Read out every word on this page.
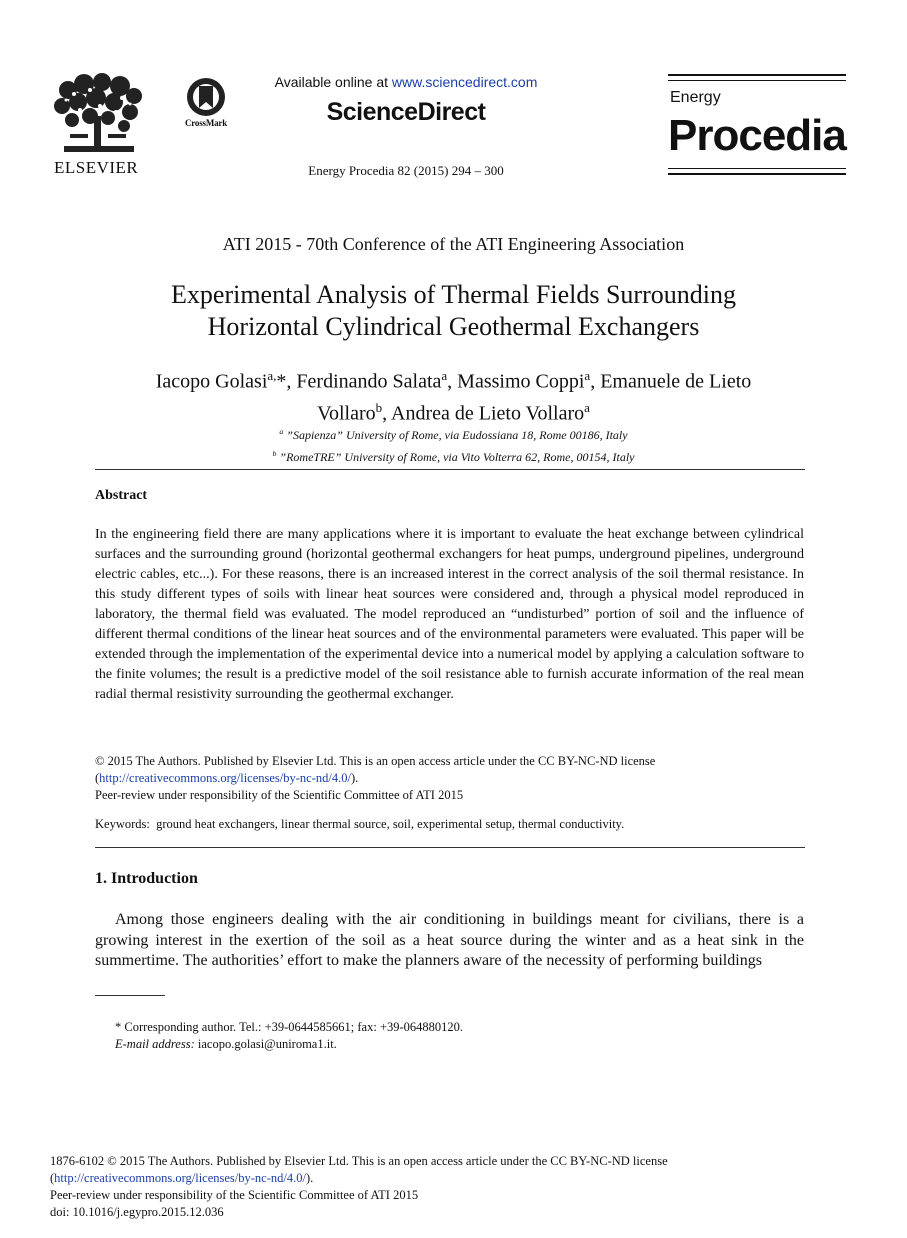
ELSEVIER
CrossMark
Available online at www.sciencedirect.com
ScienceDirect
Energy Procedia 82 (2015) 294 – 300
Energy
Procedia
ATI 2015 - 70th Conference of the ATI Engineering Association
Experimental Analysis of Thermal Fields Surrounding
Horizontal Cylindrical Geothermal Exchangers
Iacopo Golasi$^{a,}$*, Ferdinando Salata$^a$, Massimo Coppi$^a$, Emanuele de Lieto
Vollaro$^b$, Andrea de Lieto Vollaro$^a$
$^a$ ”Sapienza” University of Rome, via Eudossiana 18, Rome 00186, Italy
$^b$ ”RomeTRE” University of Rome, via Vito Volterra 62, Rome, 00154, Italy
Abstract
In the engineering field there are many applications where it is important to evaluate the heat exchange between cylindrical surfaces and the surrounding ground (horizontal geothermal exchangers for heat pumps, underground pipelines, underground electric cables, etc...). For these reasons, there is an increased interest in the correct analysis of the soil thermal resistance. In this study different types of soils with linear heat sources were considered and, through a physical model reproduced in laboratory, the thermal field was evaluated. The model reproduced an “undisturbed” portion of soil and the influence of different thermal conditions of the linear heat sources and of the environmental parameters were evaluated. This paper will be extended through the implementation of the experimental device into a numerical model by applying a calculation software to the finite volumes; the result is a predictive model of the soil resistance able to furnish accurate information of the real mean radial thermal resistivity surrounding the geothermal exchanger.
© 2015 The Authors. Published by Elsevier Ltd. This is an open access article under the CC BY-NC-ND license
(http://creativecommons.org/licenses/by-nc-nd/4.0/).
Peer-review under responsibility of the Scientific Committee of ATI 2015
Keywords: ground heat exchangers, linear thermal source, soil, experimental setup, thermal conductivity.
1. Introduction
Among those engineers dealing with the air conditioning in buildings meant for civilians, there is a growing interest in the exertion of the soil as a heat source during the winter and as a heat sink in the summertime. The authorities’ effort to make the planners aware of the necessity of performing buildings
* Corresponding author. Tel.: +39-0644585661; fax: +39-064880120.
E-mail address: iacopo.golasi@uniroma1.it.
1876-6102 © 2015 The Authors. Published by Elsevier Ltd. This is an open access article under the CC BY-NC-ND license
(http://creativecommons.org/licenses/by-nc-nd/4.0/).
Peer-review under responsibility of the Scientific Committee of ATI 2015
doi: 10.1016/j.egypro.2015.12.036
